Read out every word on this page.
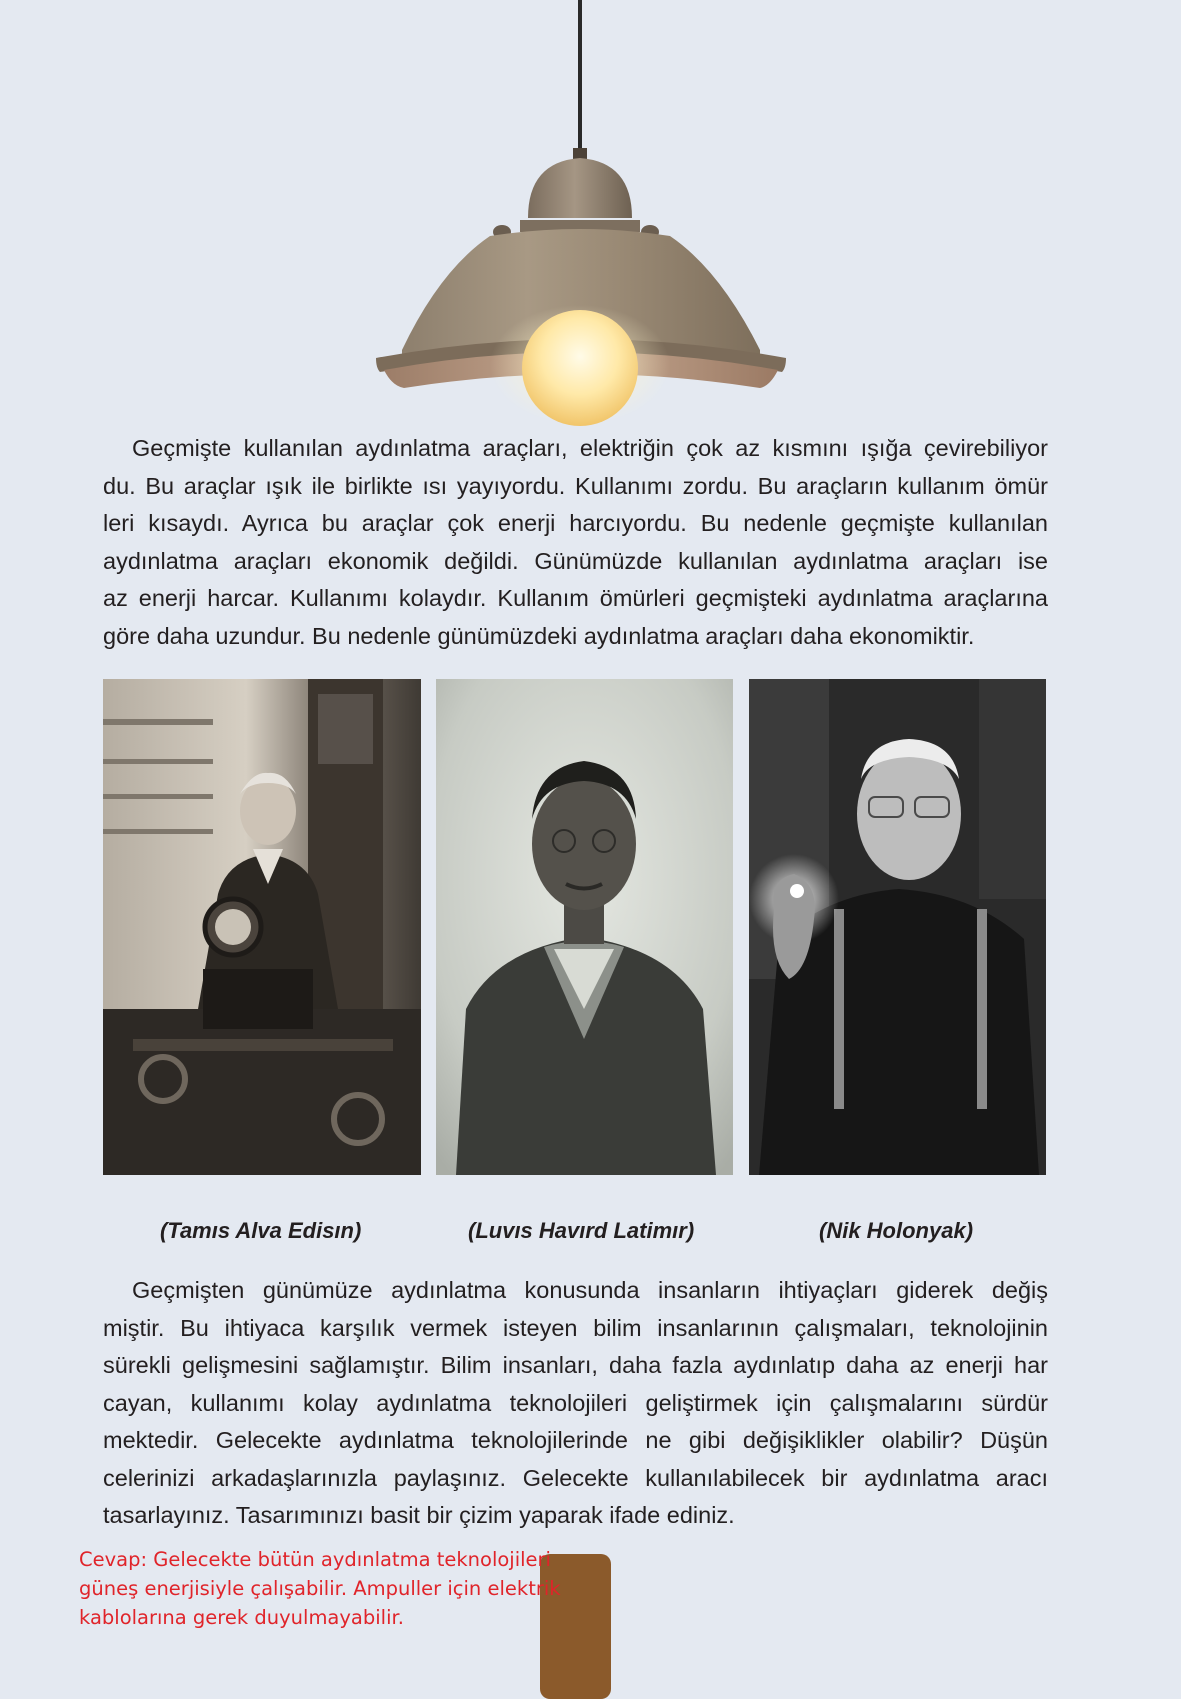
Geçmişte kullanılan aydınlatma araçları, elektriğin çok az kısmını ışığa çevirebiliyor
du. Bu araçlar ışık ile birlikte ısı yayıyordu. Kullanımı zordu. Bu araçların kullanım ömür
leri kısaydı. Ayrıca bu araçlar çok enerji harcıyordu. Bu nedenle geçmişte kullanılan
aydınlatma araçları ekonomik değildi. Günümüzde kullanılan aydınlatma araçları ise
az enerji harcar. Kullanımı kolaydır. Kullanım ömürleri geçmişteki aydınlatma araçlarına
göre daha uzundur. Bu nedenle günümüzdeki aydınlatma araçları daha ekonomiktir.

(Tamıs Alva Edisın)	(Luvıs Havırd Latimır)	(Nik Holonyak)

Geçmişten günümüze aydınlatma konusunda insanların ihtiyaçları giderek değiş
miştir. Bu ihtiyaca karşılık vermek isteyen bilim insanlarının çalışmaları, teknolojinin
sürekli gelişmesini sağlamıştır. Bilim insanları, daha fazla aydınlatıp daha az enerji har
cayan, kullanımı kolay aydınlatma teknolojileri geliştirmek için çalışmalarını sürdür
mektedir. Gelecekte aydınlatma teknolojilerinde ne gibi değişiklikler olabilir? Düşün
celerinizi arkadaşlarınızla paylaşınız. Gelecekte kullanılabilecek bir aydınlatma aracı
tasarlayınız. Tasarımınızı basit bir çizim yaparak ifade ediniz.

Cevap: Gelecekte bütün aydınlatma teknolojileri
güneş enerjisiyle çalışabilir. Ampuller için elektrik
kablolarına gerek duyulmayabilir.
